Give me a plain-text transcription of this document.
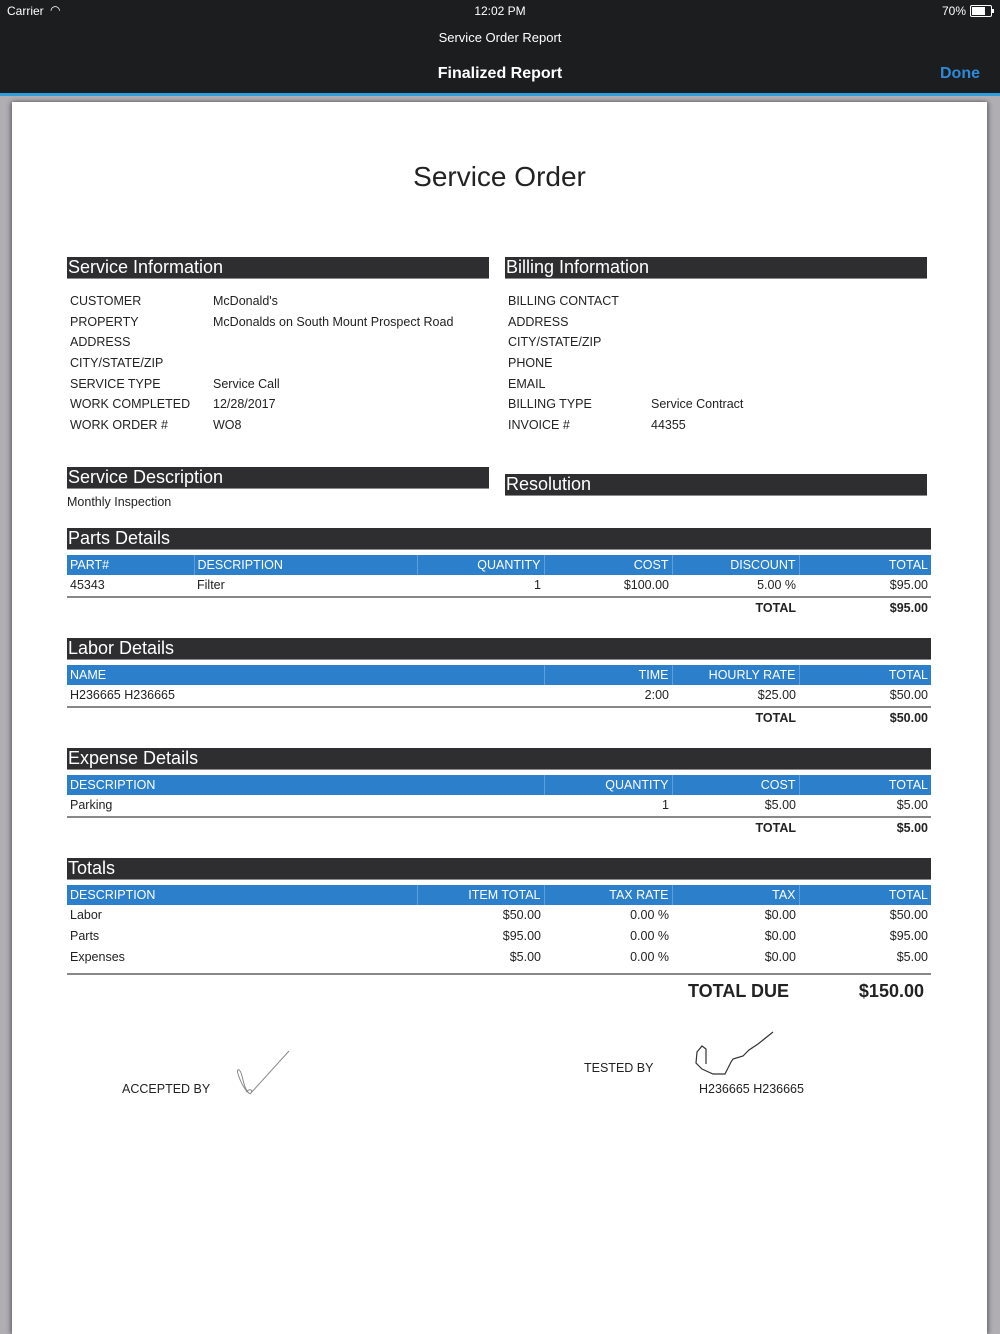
Carrier ◠	12:02 PM	70%
Service Order Report
Finalized Report	Done
Service Order
Service Information
CUSTOMER	McDonald's
PROPERTY	McDonalds on South Mount Prospect Road
ADDRESS
CITY/STATE/ZIP
SERVICE TYPE	Service Call
WORK COMPLETED 12/28/2017
WORK ORDER #	WO8
Billing Information
BILLING CONTACT
ADDRESS
CITY/STATE/ZIP
PHONE
EMAIL
BILLING TYPE	Service Contract
INVOICE #	44355
Service Description
Monthly Inspection
Resolution
Parts Details
PART#	DESCRIPTION	QUANTITY	COST	DISCOUNT	TOTAL
45343	Filter	1	$100.00	5.00 %	$95.00
				TOTAL	$95.00
Labor Details
NAME	TIME	HOURLY RATE	TOTAL
H236665 H236665	2:00	$25.00	$50.00
		TOTAL	$50.00
Expense Details
DESCRIPTION	QUANTITY	COST	TOTAL
Parking	1	$5.00	$5.00
		TOTAL	$5.00
Totals
DESCRIPTION	ITEM TOTAL	TAX RATE	TAX	TOTAL
Labor	$50.00	0.00 %	$0.00	$50.00
Parts	$95.00	0.00 %	$0.00	$95.00
Expenses	$5.00	0.00 %	$0.00	$5.00

TOTAL DUE	$150.00
ACCEPTED BY
TESTED BY
H236665 H236665
